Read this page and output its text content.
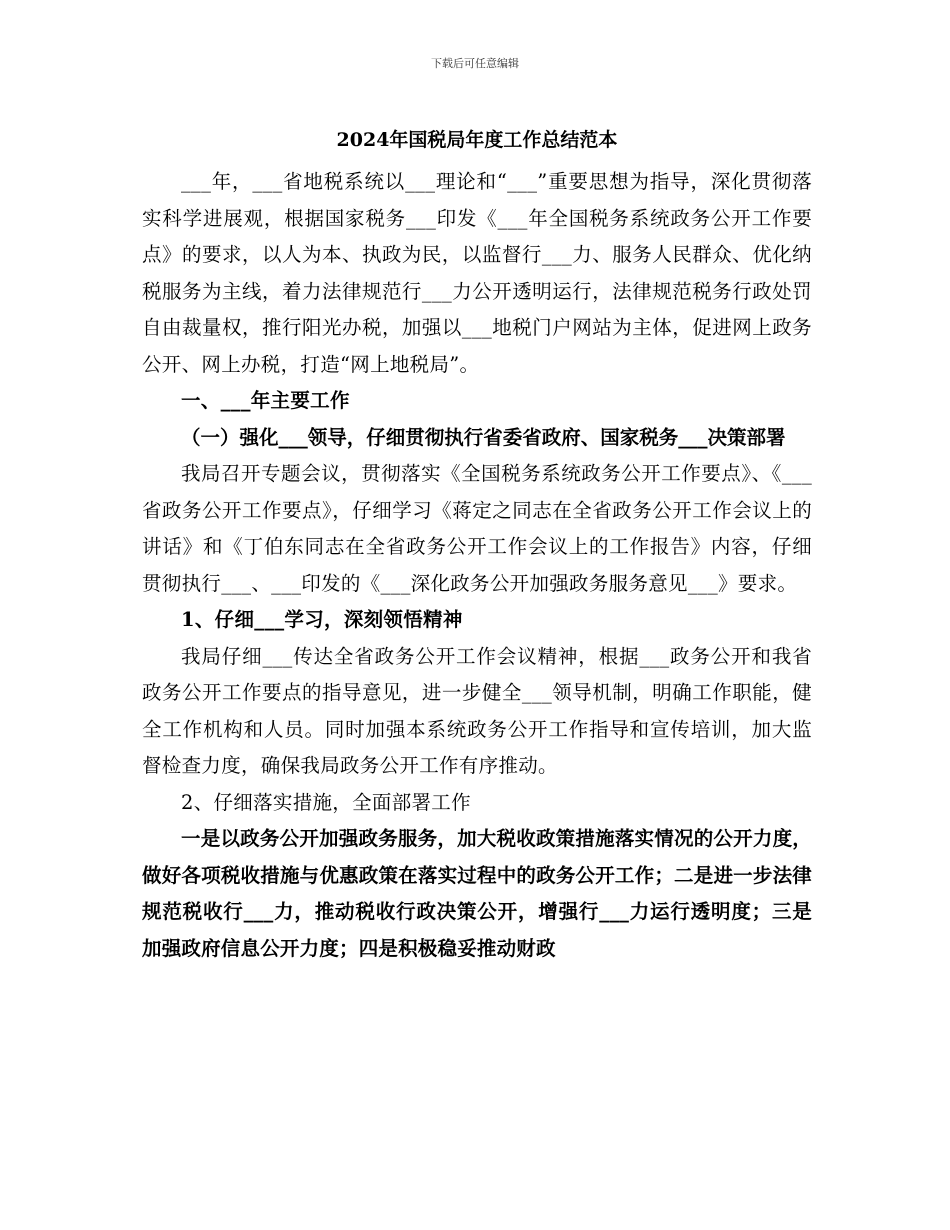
下载后可任意编辑
2024年国税局年度工作总结范本

___年，___省地税系统以___理论和“___”重要思想为指导，深化贯彻落实科学进展观，根据国家税务___印发《___年全国税务系统政务公开工作要点》的要求，以人为本、执政为民，以监督行___力、服务人民群众、优化纳税服务为主线，着力法律规范行___力公开透明运行，法律规范税务行政处罚自由裁量权，推行阳光办税，加强以___地税门户网站为主体，促进网上政务公开、网上办税，打造“网上地税局”。

一、___年主要工作

（一）强化___领导，仔细贯彻执行省委省政府、国家税务___决策部署

我局召开专题会议，贯彻落实《全国税务系统政务公开工作要点》、《___省政务公开工作要点》，仔细学习《蒋定之同志在全省政务公开工作会议上的讲话》和《丁伯东同志在全省政务公开工作会议上的工作报告》内容，仔细贯彻执行___、___印发的《___深化政务公开加强政务服务意见___》要求。

1、仔细___学习，深刻领悟精神

我局仔细___传达全省政务公开工作会议精神，根据___政务公开和我省政务公开工作要点的指导意见，进一步健全___领导机制，明确工作职能，健全工作机构和人员。同时加强本系统政务公开工作指导和宣传培训，加大监督检查力度，确保我局政务公开工作有序推动。

2、仔细落实措施，全面部署工作

一是以政务公开加强政务服务，加大税收政策措施落实情况的公开力度，做好各项税收措施与优惠政策在落实过程中的政务公开工作；二是进一步法律规范税收行___力，推动税收行政决策公开，增强行___力运行透明度；三是加强政府信息公开力度；四是积极稳妥推动财政
